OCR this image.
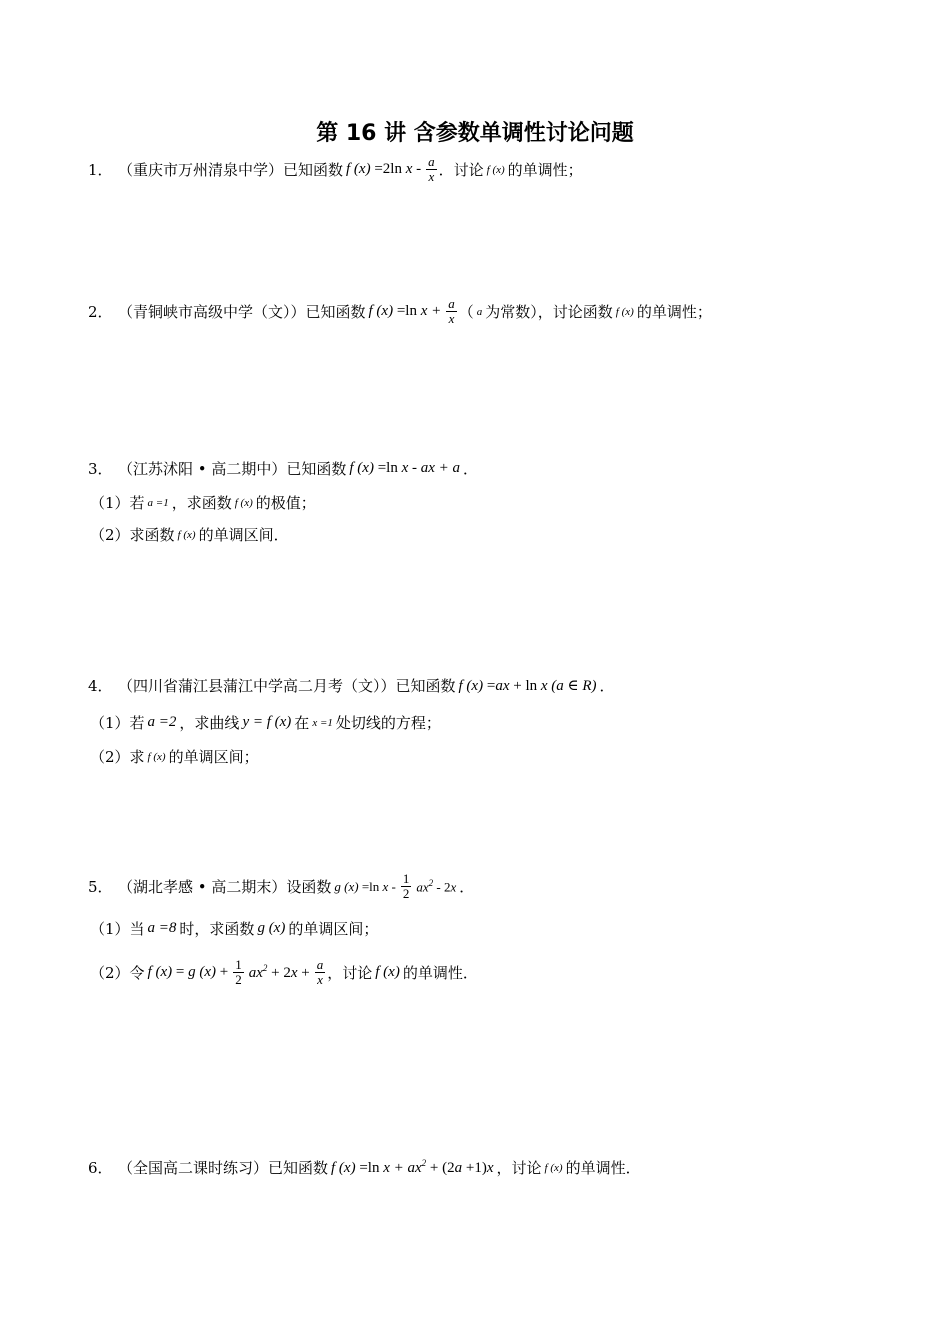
第 16 讲 含参数单调性讨论问题
1． （重庆市万州清泉中学）已知函数 f (x) =2ln x - $\frac{a}{x}$ ．讨论 f (x) 的单调性；
2． （青铜峡市高级中学（文））已知函数 f (x) =ln $x + \frac{a}{x}$ （ a 为常数），讨论函数 f (x) 的单调性；
3． （江苏沭阳 • 高二期中）已知函数 f (x) =ln x - ax + a ．
（1）若 a =1 ，求函数 f (x) 的极值；
（2）求函数 f (x) 的单调区间．
4． （四川省蒲江县蒲江中学高二月考（文））已知函数 f (x) =ax + ln x (a ∈ R) ．
（1）若 a =2 ，求曲线 y = f (x) 在 x =1 处切线的方程；
（2）求 f (x) 的单调区间；
5． （湖北孝感 • 高二期末）设函数 g (x) =ln x - $\frac{1}{2} ax^2 - 2x$ ．
（1）当 a =8 时，求函数 g (x) 的单调区间；
（2）令 f (x) = g $(x) + \frac{1}{2} ax^2 + 2x + \frac{a}{x}$ ，讨论 f (x) 的单调性．
6． （全国高二课时练习）已知函数 f (x) =ln $x + ax^2 + (2a +1)x$ ，讨论 f (x) 的单调性．
